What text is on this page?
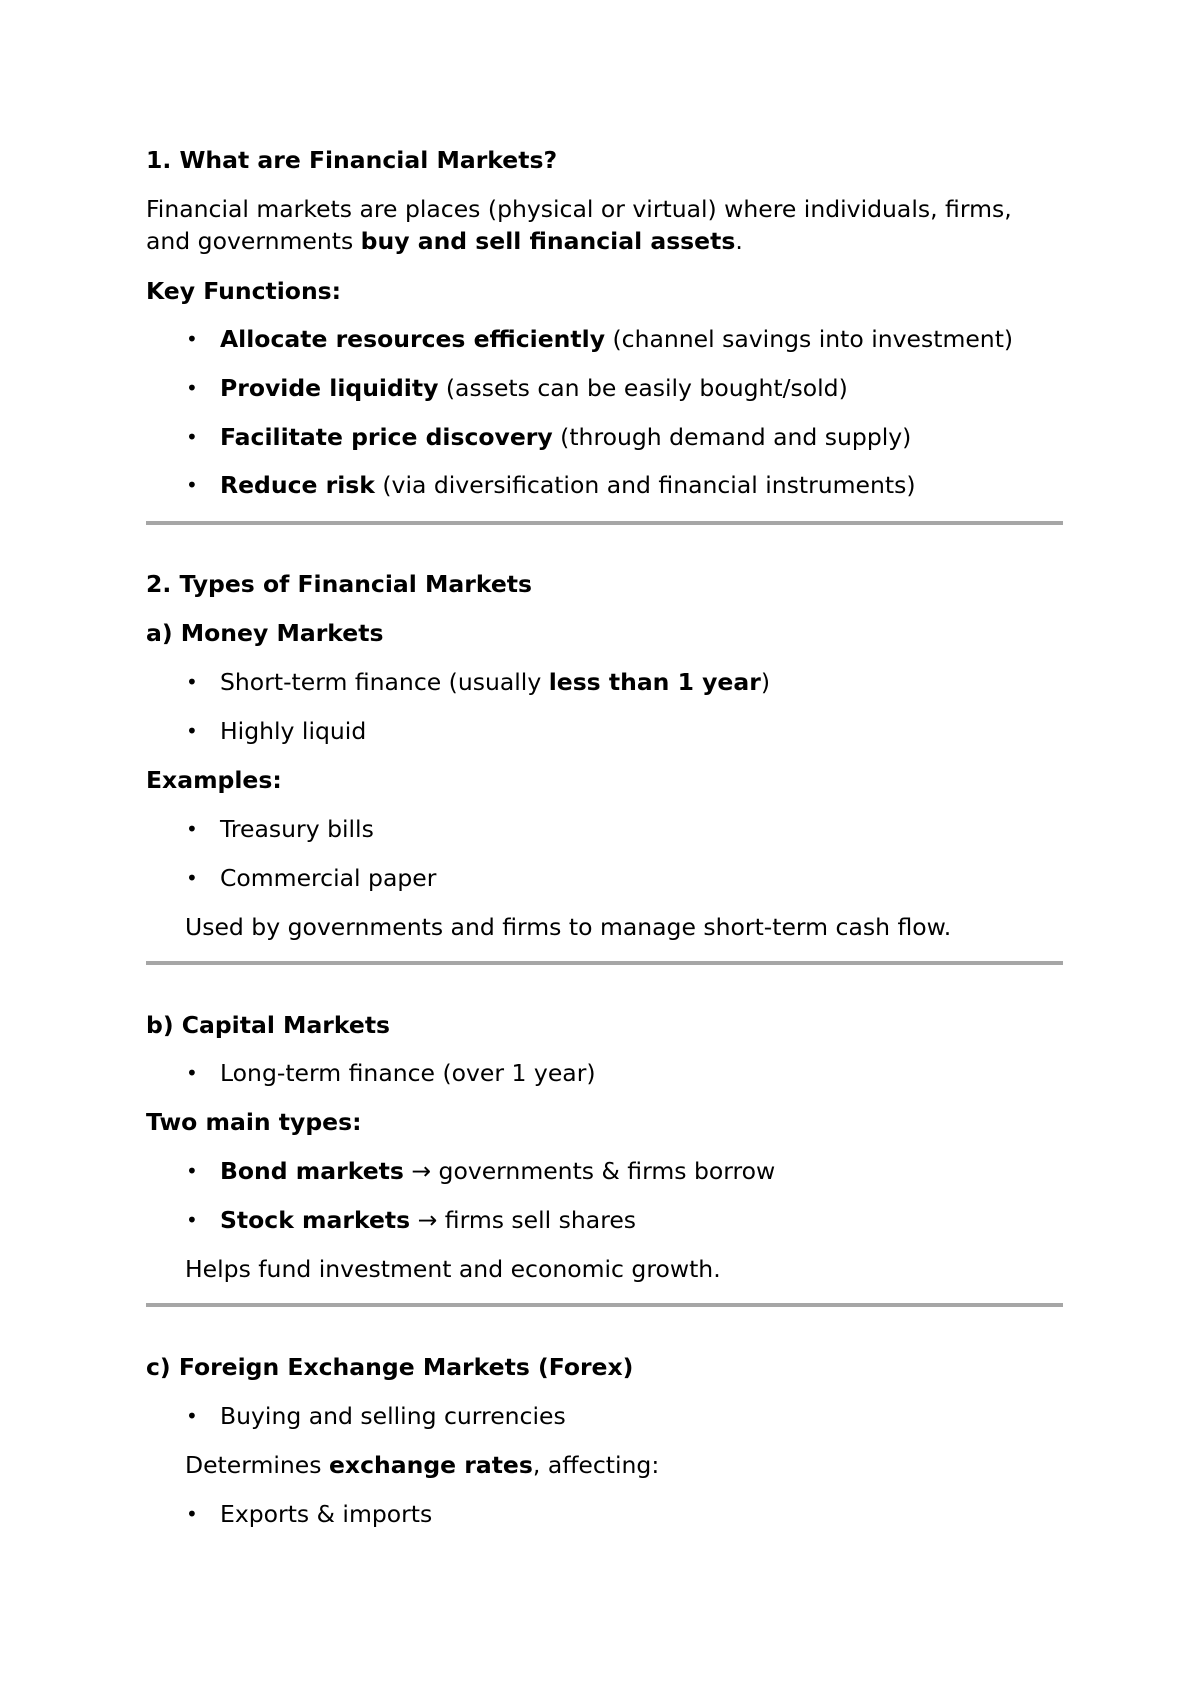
1. What are Financial Markets?
Financial markets are places (physical or virtual) where individuals, firms,
and governments buy and sell financial assets.
Key Functions:
• Allocate resources efficiently (channel savings into investment)
• Provide liquidity (assets can be easily bought/sold)
• Facilitate price discovery (through demand and supply)
• Reduce risk (via diversification and financial instruments)
2. Types of Financial Markets
a) Money Markets
• Short-term finance (usually less than 1 year)
• Highly liquid
Examples:
• Treasury bills
• Commercial paper
Used by governments and firms to manage short-term cash flow.
b) Capital Markets
• Long-term finance (over 1 year)
Two main types:
• Bond markets → governments & firms borrow
• Stock markets → firms sell shares
Helps fund investment and economic growth.
c) Foreign Exchange Markets (Forex)
• Buying and selling currencies
Determines exchange rates, affecting:
• Exports & imports
